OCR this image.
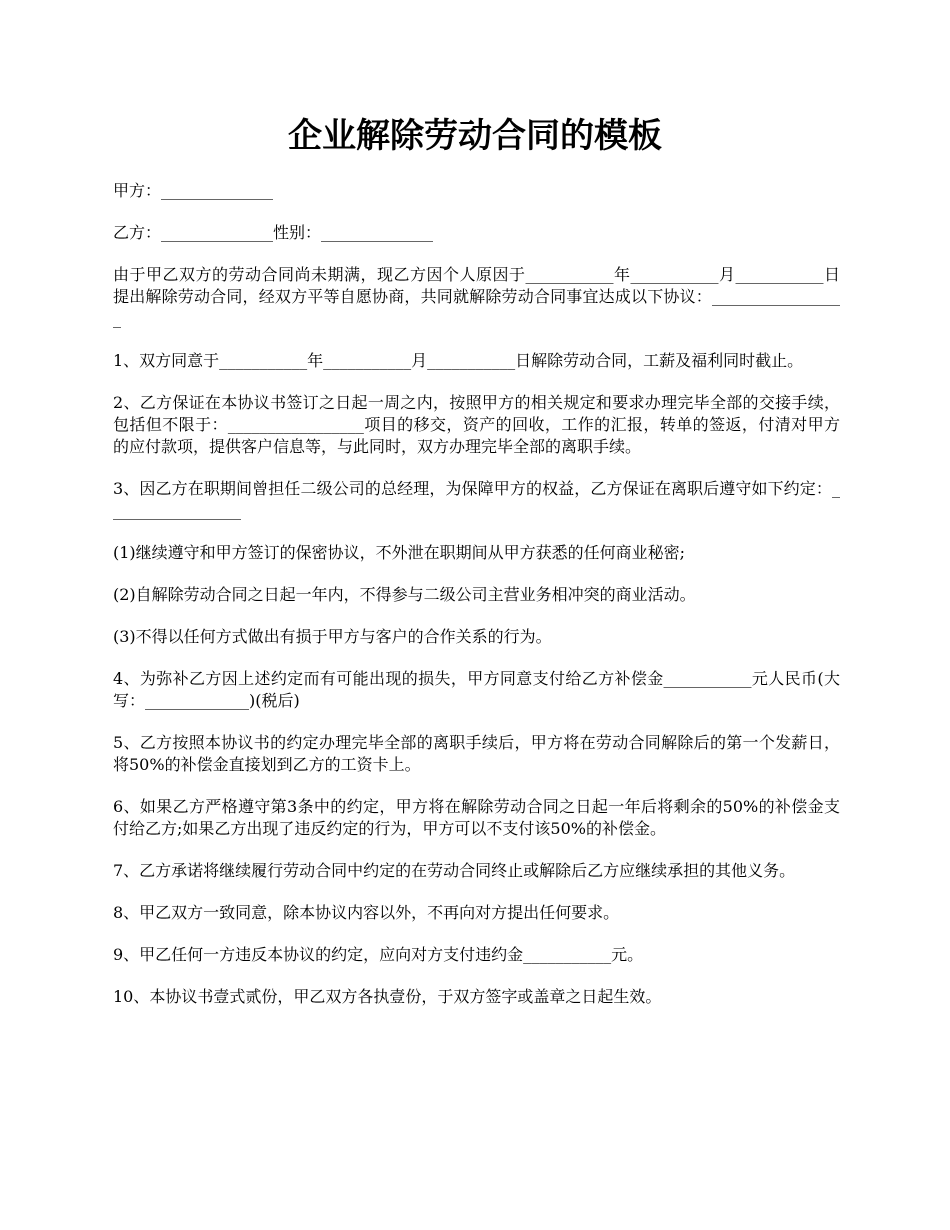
企业解除劳动合同的模板

甲方：______________

乙方：______________性别：______________

由于甲乙双方的劳动合同尚未期满，现乙方因个人原因于___________年___________月___________日提出解除劳动合同，经双方平等自愿协商，共同就解除劳动合同事宜达成以下协议：_________________

1、双方同意于___________年___________月___________日解除劳动合同，工薪及福利同时截止。

2、乙方保证在本协议书签订之日起一周之内，按照甲方的相关规定和要求办理完毕全部的交接手续，包括但不限于：_________________项目的移交，资产的回收，工作的汇报，转单的签返，付清对甲方的应付款项，提供客户信息等，与此同时，双方办理完毕全部的离职手续。

3、因乙方在职期间曾担任二级公司的总经理，为保障甲方的权益，乙方保证在离职后遵守如下约定：_________________

(1)继续遵守和甲方签订的保密协议，不外泄在职期间从甲方获悉的任何商业秘密;

(2)自解除劳动合同之日起一年内，不得参与二级公司主营业务相冲突的商业活动。

(3)不得以任何方式做出有损于甲方与客户的合作关系的行为。

4、为弥补乙方因上述约定而有可能出现的损失，甲方同意支付给乙方补偿金___________元人民币(大写：_____________)(税后)

5、乙方按照本协议书的约定办理完毕全部的离职手续后，甲方将在劳动合同解除后的第一个发薪日，将50%的补偿金直接划到乙方的工资卡上。

6、如果乙方严格遵守第3条中的约定，甲方将在解除劳动合同之日起一年后将剩余的50%的补偿金支付给乙方;如果乙方出现了违反约定的行为，甲方可以不支付该50%的补偿金。

7、乙方承诺将继续履行劳动合同中约定的在劳动合同终止或解除后乙方应继续承担的其他义务。

8、甲乙双方一致同意，除本协议内容以外，不再向对方提出任何要求。

9、甲乙任何一方违反本协议的约定，应向对方支付违约金___________元。

10、本协议书壹式贰份，甲乙双方各执壹份，于双方签字或盖章之日起生效。
